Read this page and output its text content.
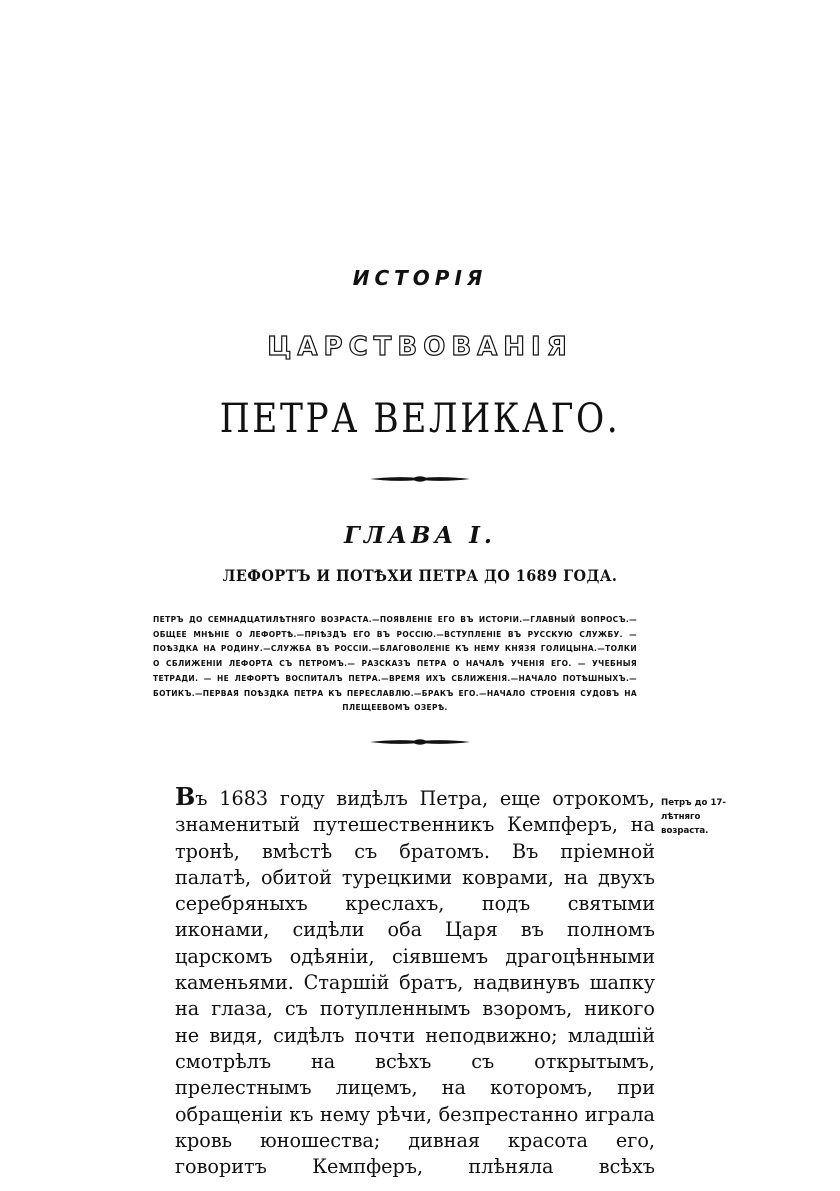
ИСТОРІЯ
ЦАРСТВОВАНІЯ
ПЕТРА ВЕЛИКАГО.
ГЛАВА I.
ЛЕФОРТЪ И ПОТѢХИ ПЕТРА ДО 1689 ГОДА.
ПЕТРЪ ДО СЕМНАДЦАТИЛѢТНЯГО ВОЗРАСТА.—ПОЯВЛЕНІЕ ЕГО ВЪ ИСТОРІИ.—ГЛАВНЫЙ ВОПРОСЪ.—ОБЩЕЕ МНѢНІЕ О ЛЕФОРТѢ.—ПРІѢЗДЪ ЕГО ВЪ РОССІЮ.—ВСТУПЛЕНІЕ ВЪ РУССКУЮ СЛУЖБУ. — ПОѢЗДКА НА РОДИНУ.—СЛУЖБА ВЪ РОССІИ.—БЛАГОВОЛЕНІЕ КЪ НЕМУ КНЯЗЯ ГОЛИЦЫНА.—ТОЛКИ О СБЛИЖЕНІИ ЛЕФОРТА СЪ ПЕТРОМЪ.— РАЗСКАЗЪ ПЕТРА О НАЧАЛѢ УЧЕНІЯ ЕГО. — УЧЕБНЫЯ ТЕТРАДИ. — НЕ ЛЕФОРТЪ ВОСПИТАЛЪ ПЕТРА.—ВРЕМЯ ИХЪ СБЛИЖЕНІЯ.—НАЧАЛО ПОТѢШНЫХЪ.—БОТИКЪ.—ПЕРВАЯ ПОѢЗДКА ПЕТРА КЪ ПЕРЕСЛАВЛЮ.—БРАКЪ ЕГО.—НАЧАЛО СТРОЕНІЯ СУДОВЪ НА ПЛЕЩЕЕВОМЪ ОЗЕРѢ.
Въ 1683 году видѣлъ Петра, еще отрокомъ, знаменитый путешественникъ Кемпферъ, на тронѣ, вмѣстѣ съ братомъ. Въ пріемной палатѣ, обитой турецкими коврами, на двухъ серебряныхъ креслахъ, подъ святыми иконами, сидѣли оба Царя въ полномъ царскомъ одѣяніи, сіявшемъ драгоцѣнными каменьями. Старшій братъ, надвинувъ шапку на глаза, съ потупленнымъ взоромъ, никого не видя, сидѣлъ почти неподвижно; младшій смотрѣлъ на всѣхъ съ открытымъ, прелестнымъ лицемъ, на которомъ, при обращеніи къ нему рѣчи, безпрестанно играла кровь юношества; дивная красота его, говоритъ Кемпферъ, плѣняла всѣхъ
Петръ до 17-лѣтняго возраста.
